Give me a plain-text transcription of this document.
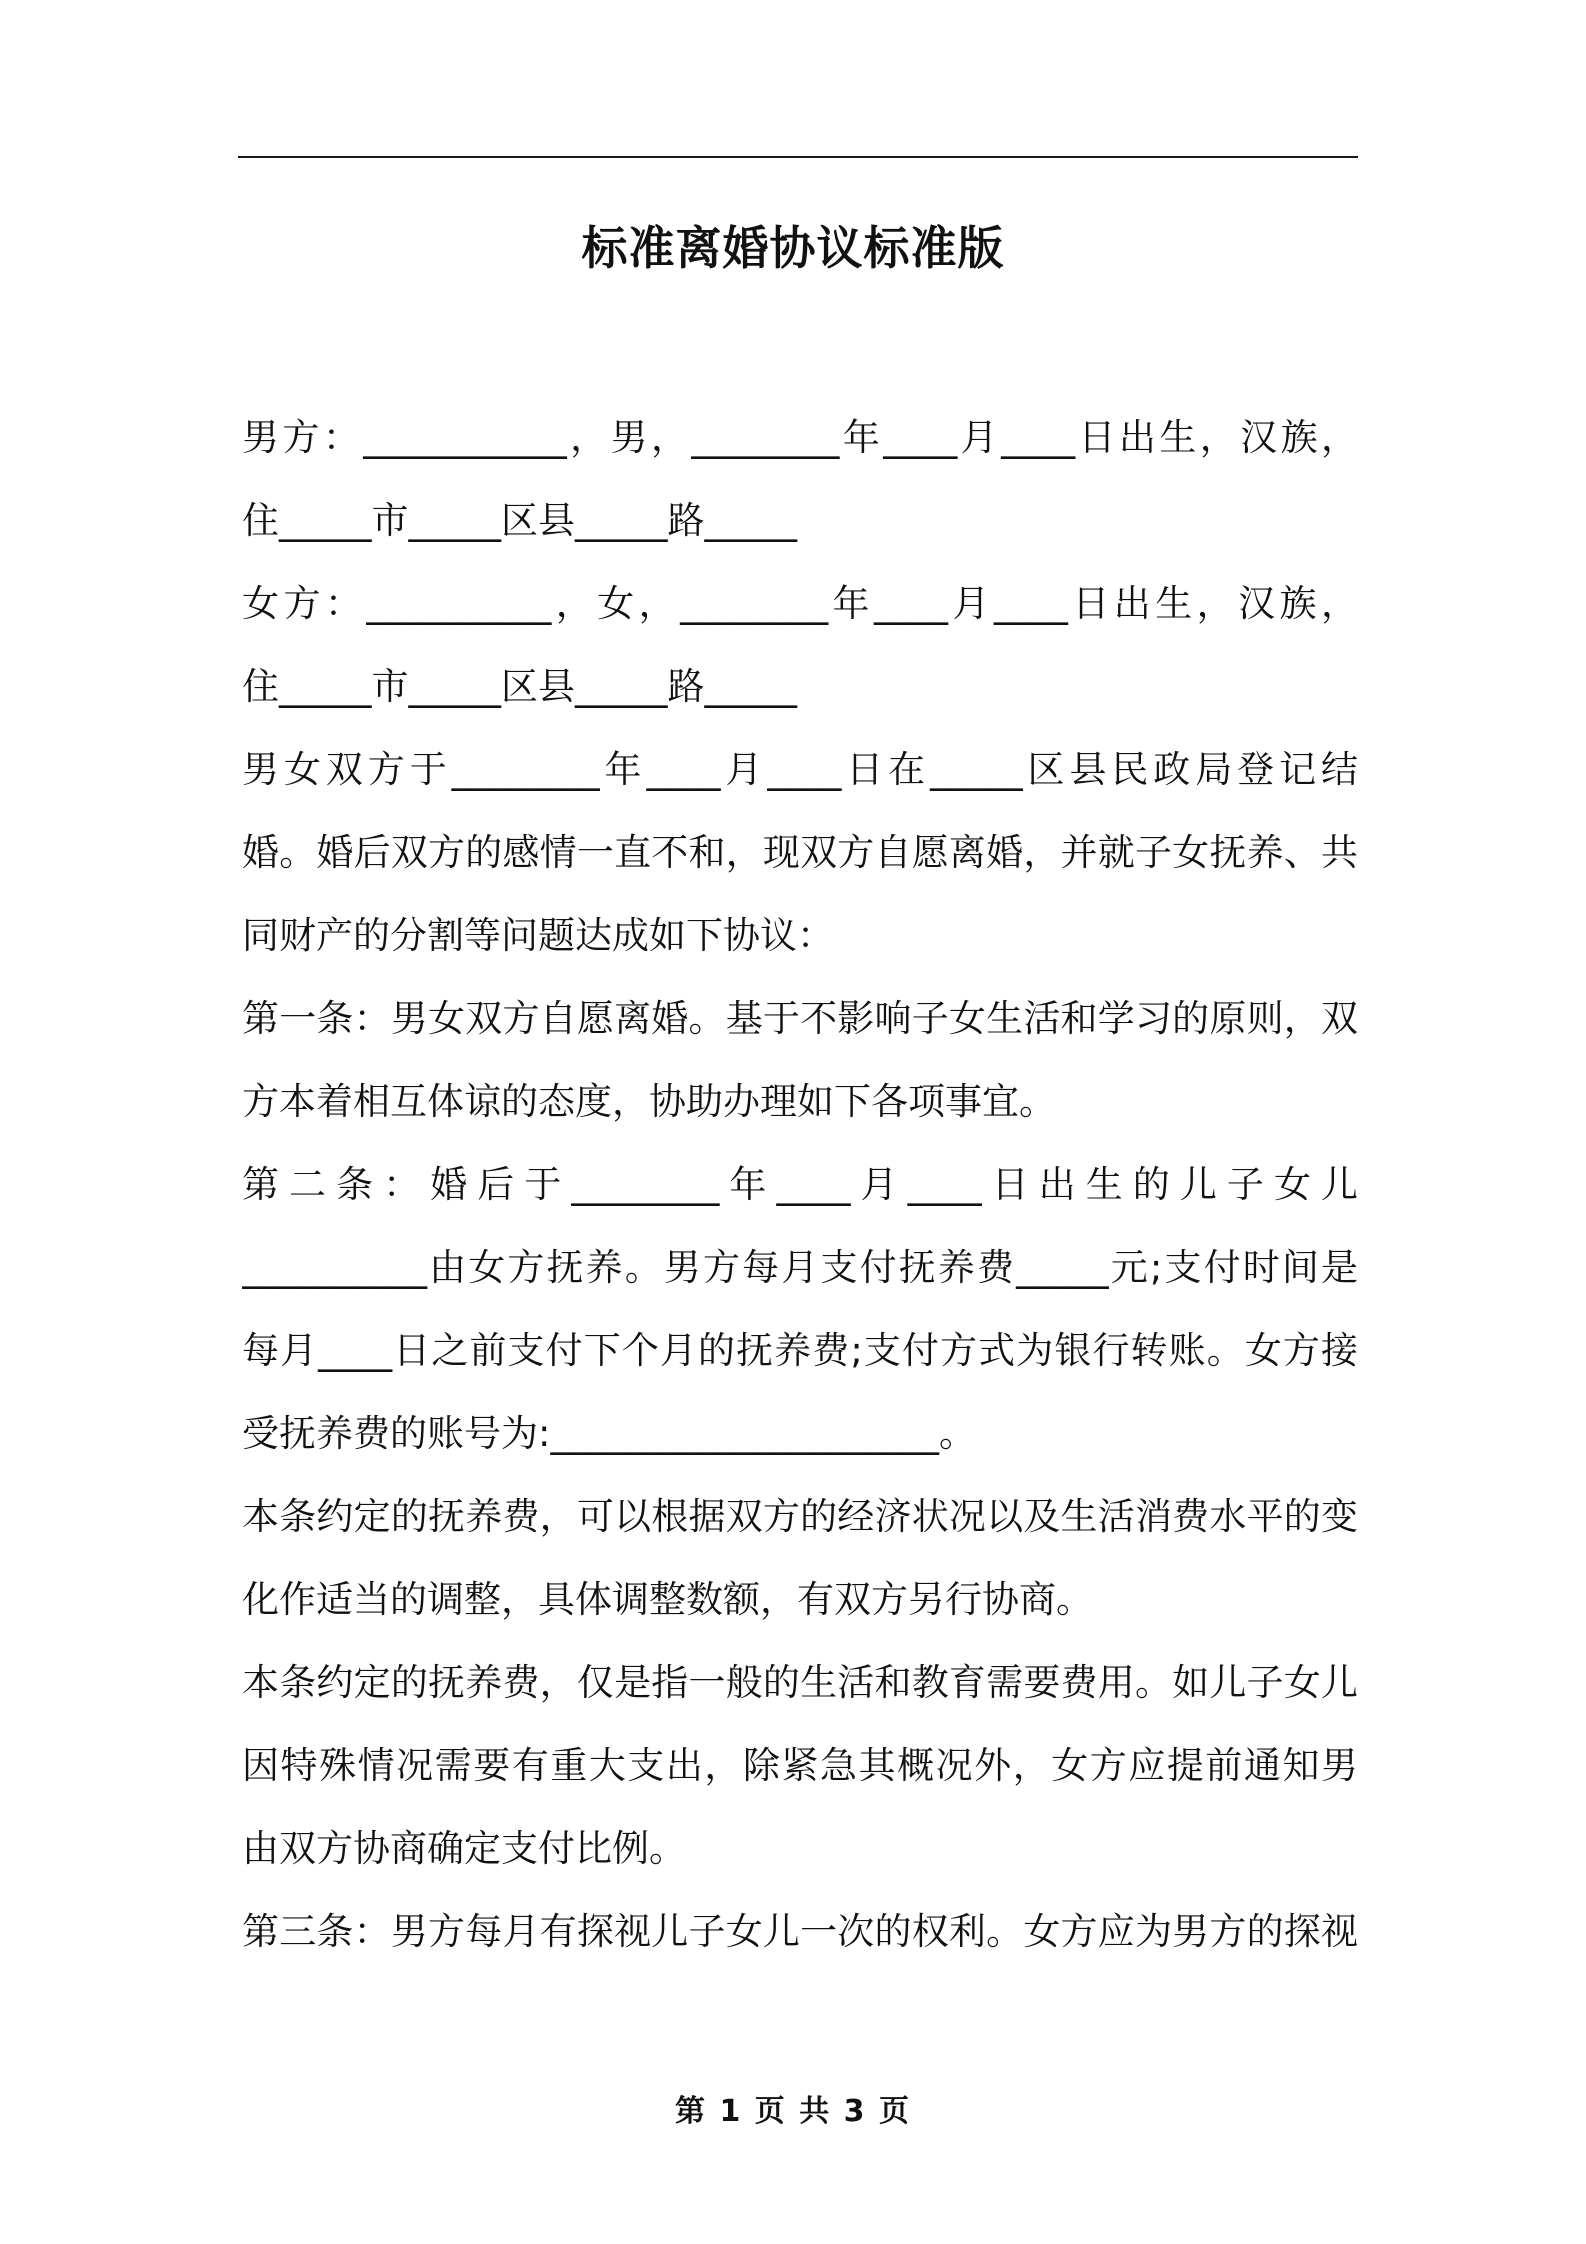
标准离婚协议标准版
男方：___________，男，________年____月____日出生，汉族，
住_____市_____区县_____路_____
女方：__________，女，________年____月____日出生，汉族，
住_____市_____区县_____路_____
男女双方于________年____月____日在_____区县民政局登记结
婚。婚后双方的感情一直不和，现双方自愿离婚，并就子女抚养、共
同财产的分割等问题达成如下协议：
第一条：男女双方自愿离婚。基于不影响子女生活和学习的原则，双
方本着相互体谅的态度，协助办理如下各项事宜。
第二条：婚后于________年____月____日出生的儿子女儿
__________由女方抚养。男方每月支付抚养费_____元;支付时间是
每月____日之前支付下个月的抚养费;支付方式为银行转账。女方接
受抚养费的账号为:_____________________。
本条约定的抚养费，可以根据双方的经济状况以及生活消费水平的变
化作适当的调整，具体调整数额，有双方另行协商。
本条约定的抚养费，仅是指一般的生活和教育需要费用。如儿子女儿
因特殊情况需要有重大支出，除紧急其概况外，女方应提前通知男
由双方协商确定支付比例。
第三条：男方每月有探视儿子女儿一次的权利。女方应为男方的探视
第 1 页 共 3 页
